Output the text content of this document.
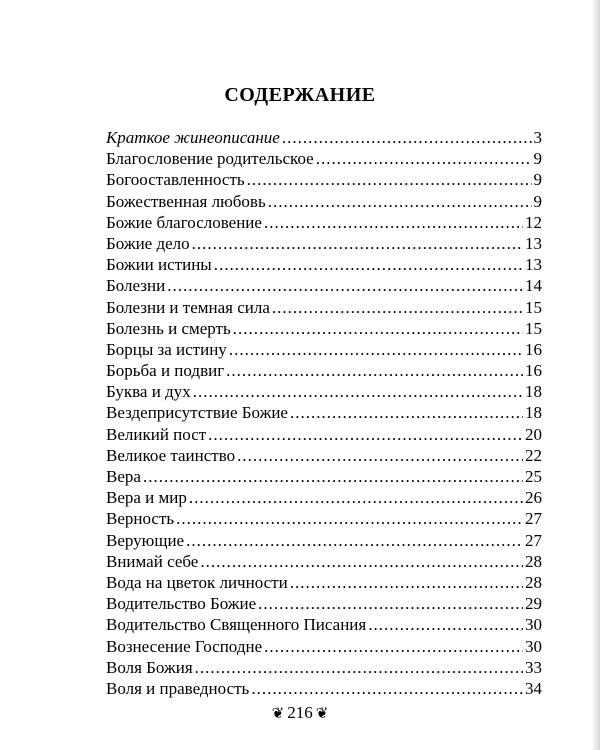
СОДЕРЖАНИЕ
Краткое жинеописание .....	3
Благословение родительское .....	9
Богооставленность .....	9
Божественная любовь .....	9
Божие благословение .....	12
Божие дело .....	13
Божии истины .....	13
Болезни .....	14
Болезни и темная сила .....	15
Болезнь и смерть .....	15
Борцы за истину .....	16
Борьба и подвиг .....	16
Буква и дух .....	18
Вездеприсутствие Божие .....	18
Великий пост .....	20
Великое таинство .....	22
Вера .....	25
Вера и мир .....	26
Верность .....	27
Верующие .....	27
Внимай себе .....	28
Вода на цветок личности .....	28
Водительство Божие .....	29
Водительство Священного Писания .....	30
Вознесение Господне .....	30
Воля Божия .....	33
Воля и праведность .....	34
❦ 216 ❦
